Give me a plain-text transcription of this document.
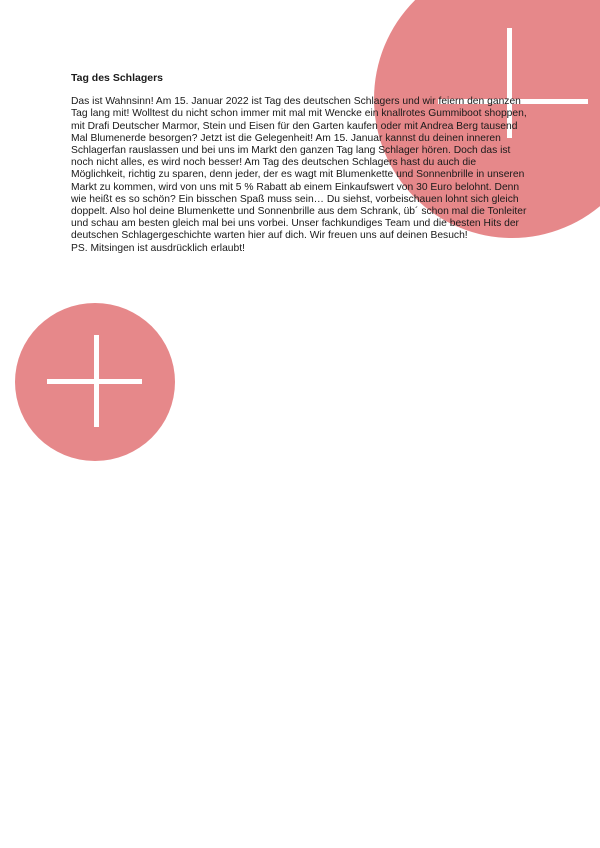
Tag des Schlagers

Das ist Wahnsinn! Am 15. Januar 2022 ist Tag des deutschen Schlagers und wir feiern den ganzen Tag lang mit! Wolltest du nicht schon immer mit mal mit Wencke ein knallrotes Gummiboot shoppen, mit Drafi Deutscher Marmor, Stein und Eisen für den Garten kaufen oder mit Andrea Berg tausend Mal Blumenerde besorgen? Jetzt ist die Gelegenheit! Am 15. Januar kannst du deinen inneren Schlagerfan rauslassen und bei uns im Markt den ganzen Tag lang Schlager hören. Doch das ist noch nicht alles, es wird noch besser! Am Tag des deutschen Schlagers hast du auch die Möglichkeit, richtig zu sparen, denn jeder, der es wagt mit Blumenkette und Sonnenbrille in unseren Markt zu kommen, wird von uns mit 5 % Rabatt ab einem Einkaufswert von 30 Euro belohnt. Denn wie heißt es so schön? Ein bisschen Spaß muss sein… Du siehst, vorbeischauen lohnt sich gleich doppelt. Also hol deine Blumenkette und Sonnenbrille aus dem Schrank, üb´ schon mal die Tonleiter und schau am besten gleich mal bei uns vorbei. Unser fachkundiges Team und die besten Hits der deutschen Schlagergeschichte warten hier auf dich. Wir freuen uns auf deinen Besuch!

PS. Mitsingen ist ausdrücklich erlaubt!
